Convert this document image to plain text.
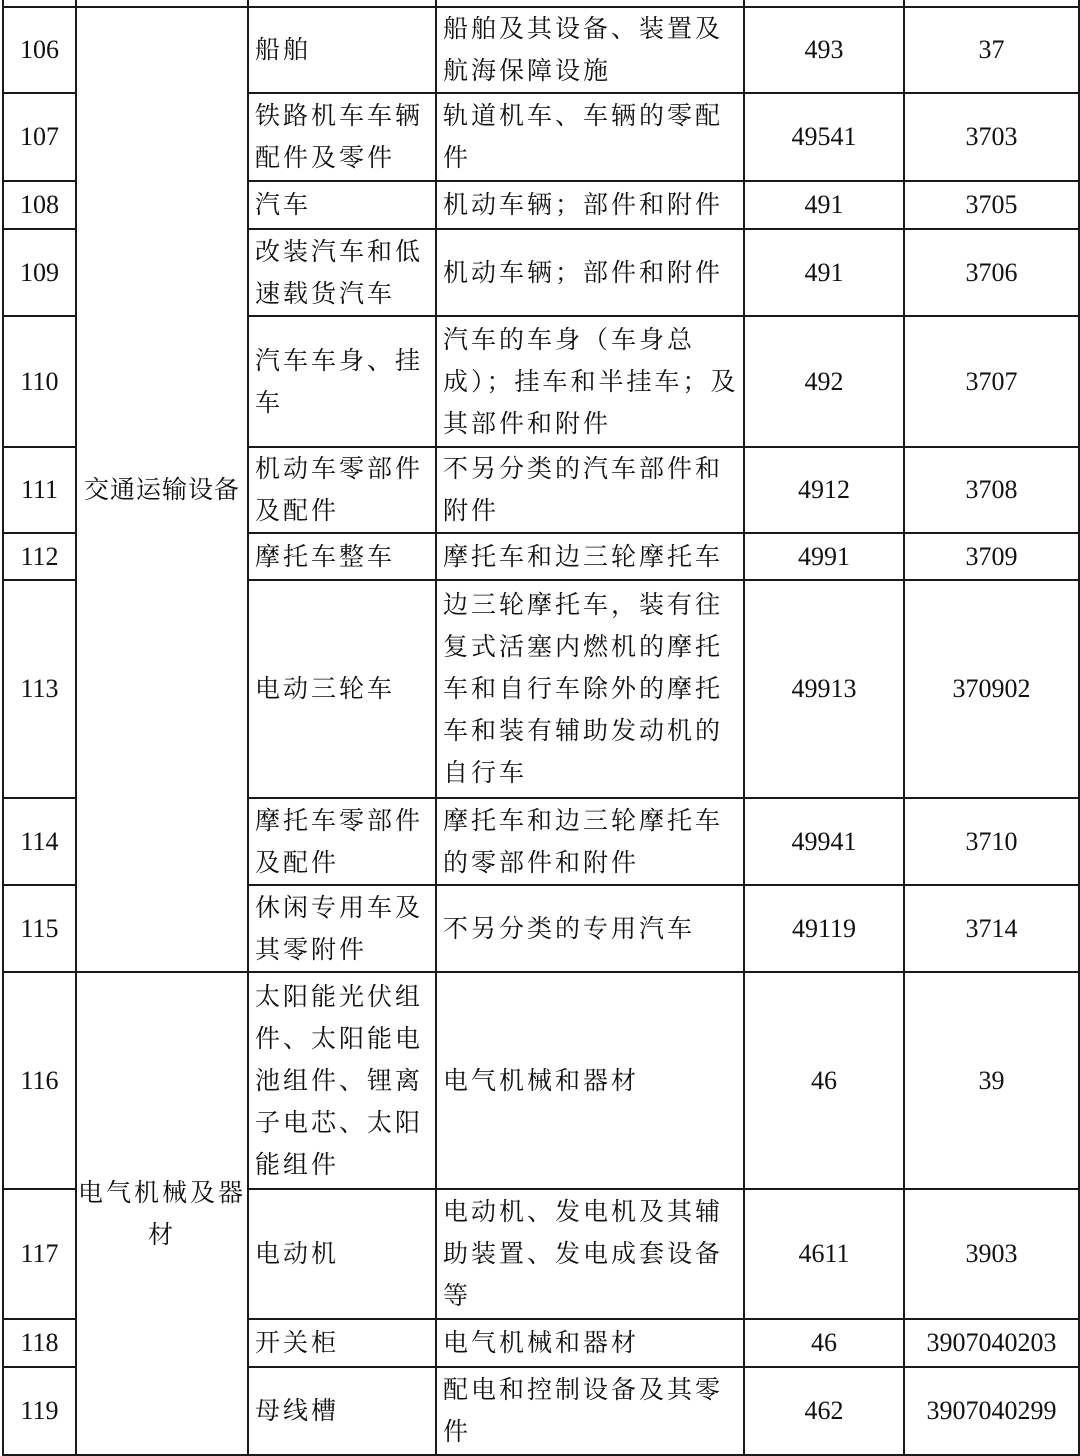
106	交通运输设备	船舶	船舶及其设备、装置及航海保障设施	493	37
107		铁路机车车辆配件及零件	轨道机车、车辆的零配件	49541	3703
108		汽车	机动车辆；部件和附件	491	3705
109		改装汽车和低速载货汽车	机动车辆；部件和附件	491	3706
110		汽车车身、挂车	汽车的车身（车身总成）；挂车和半挂车；及其部件和附件	492	3707
111		机动车零部件及配件	不另分类的汽车部件和附件	4912	3708
112		摩托车整车	摩托车和边三轮摩托车	4991	3709
113		电动三轮车	边三轮摩托车，装有往复式活塞内燃机的摩托车和自行车除外的摩托车和装有辅助发动机的自行车	49913	370902
114		摩托车零部件及配件	摩托车和边三轮摩托车的零部件和附件	49941	3710
115		休闲专用车及其零附件	不另分类的专用汽车	49119	3714
116	电气机械及器材	太阳能光伏组件、太阳能电池组件、锂离子电芯、太阳能组件	电气机械和器材	46	39
117		电动机	电动机、发电机及其辅助装置、发电成套设备等	4611	3903
118		开关柜	电气机械和器材	46	3907040203
119		母线槽	配电和控制设备及其零件	462	3907040299
